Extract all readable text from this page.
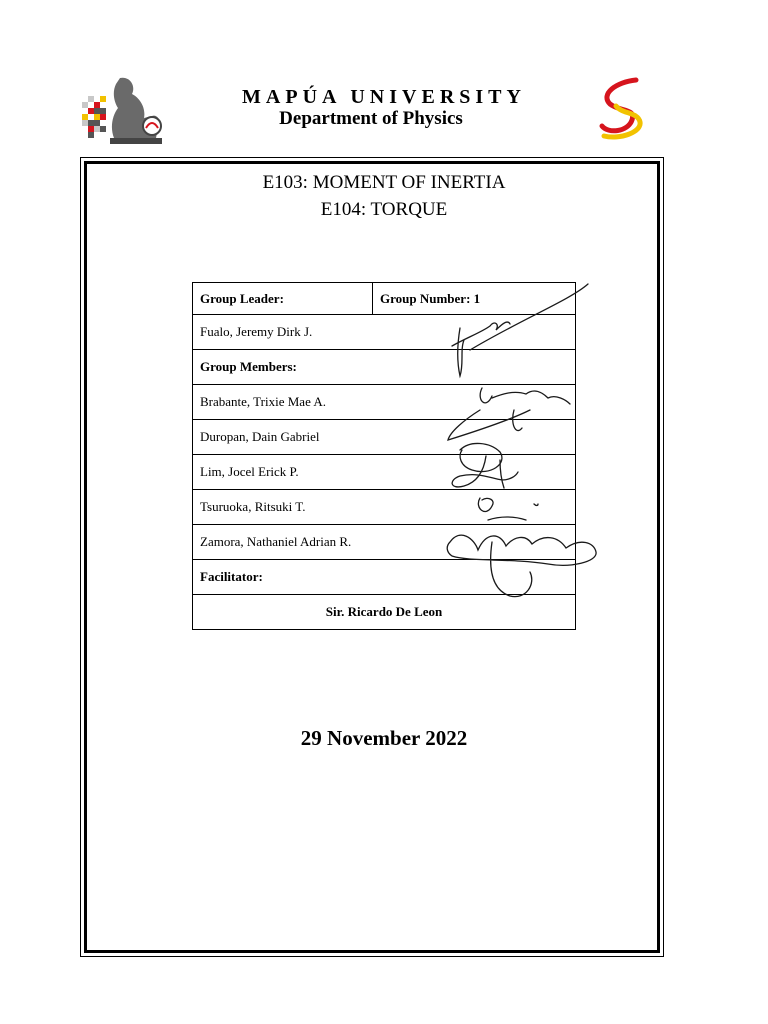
MAPÚA UNIVERSITY
Department of Physics
E103: MOMENT OF INERTIA
E104: TORQUE
Group Leader:	Group Number: 1
Fualo, Jeremy Dirk J.
Group Members:
Brabante, Trixie Mae A.
Duropan, Dain Gabriel
Lim, Jocel Erick P.
Tsuruoka, Ritsuki T.
Zamora, Nathaniel Adrian R.
Facilitator:
Sir. Ricardo De Leon
29 November 2022
